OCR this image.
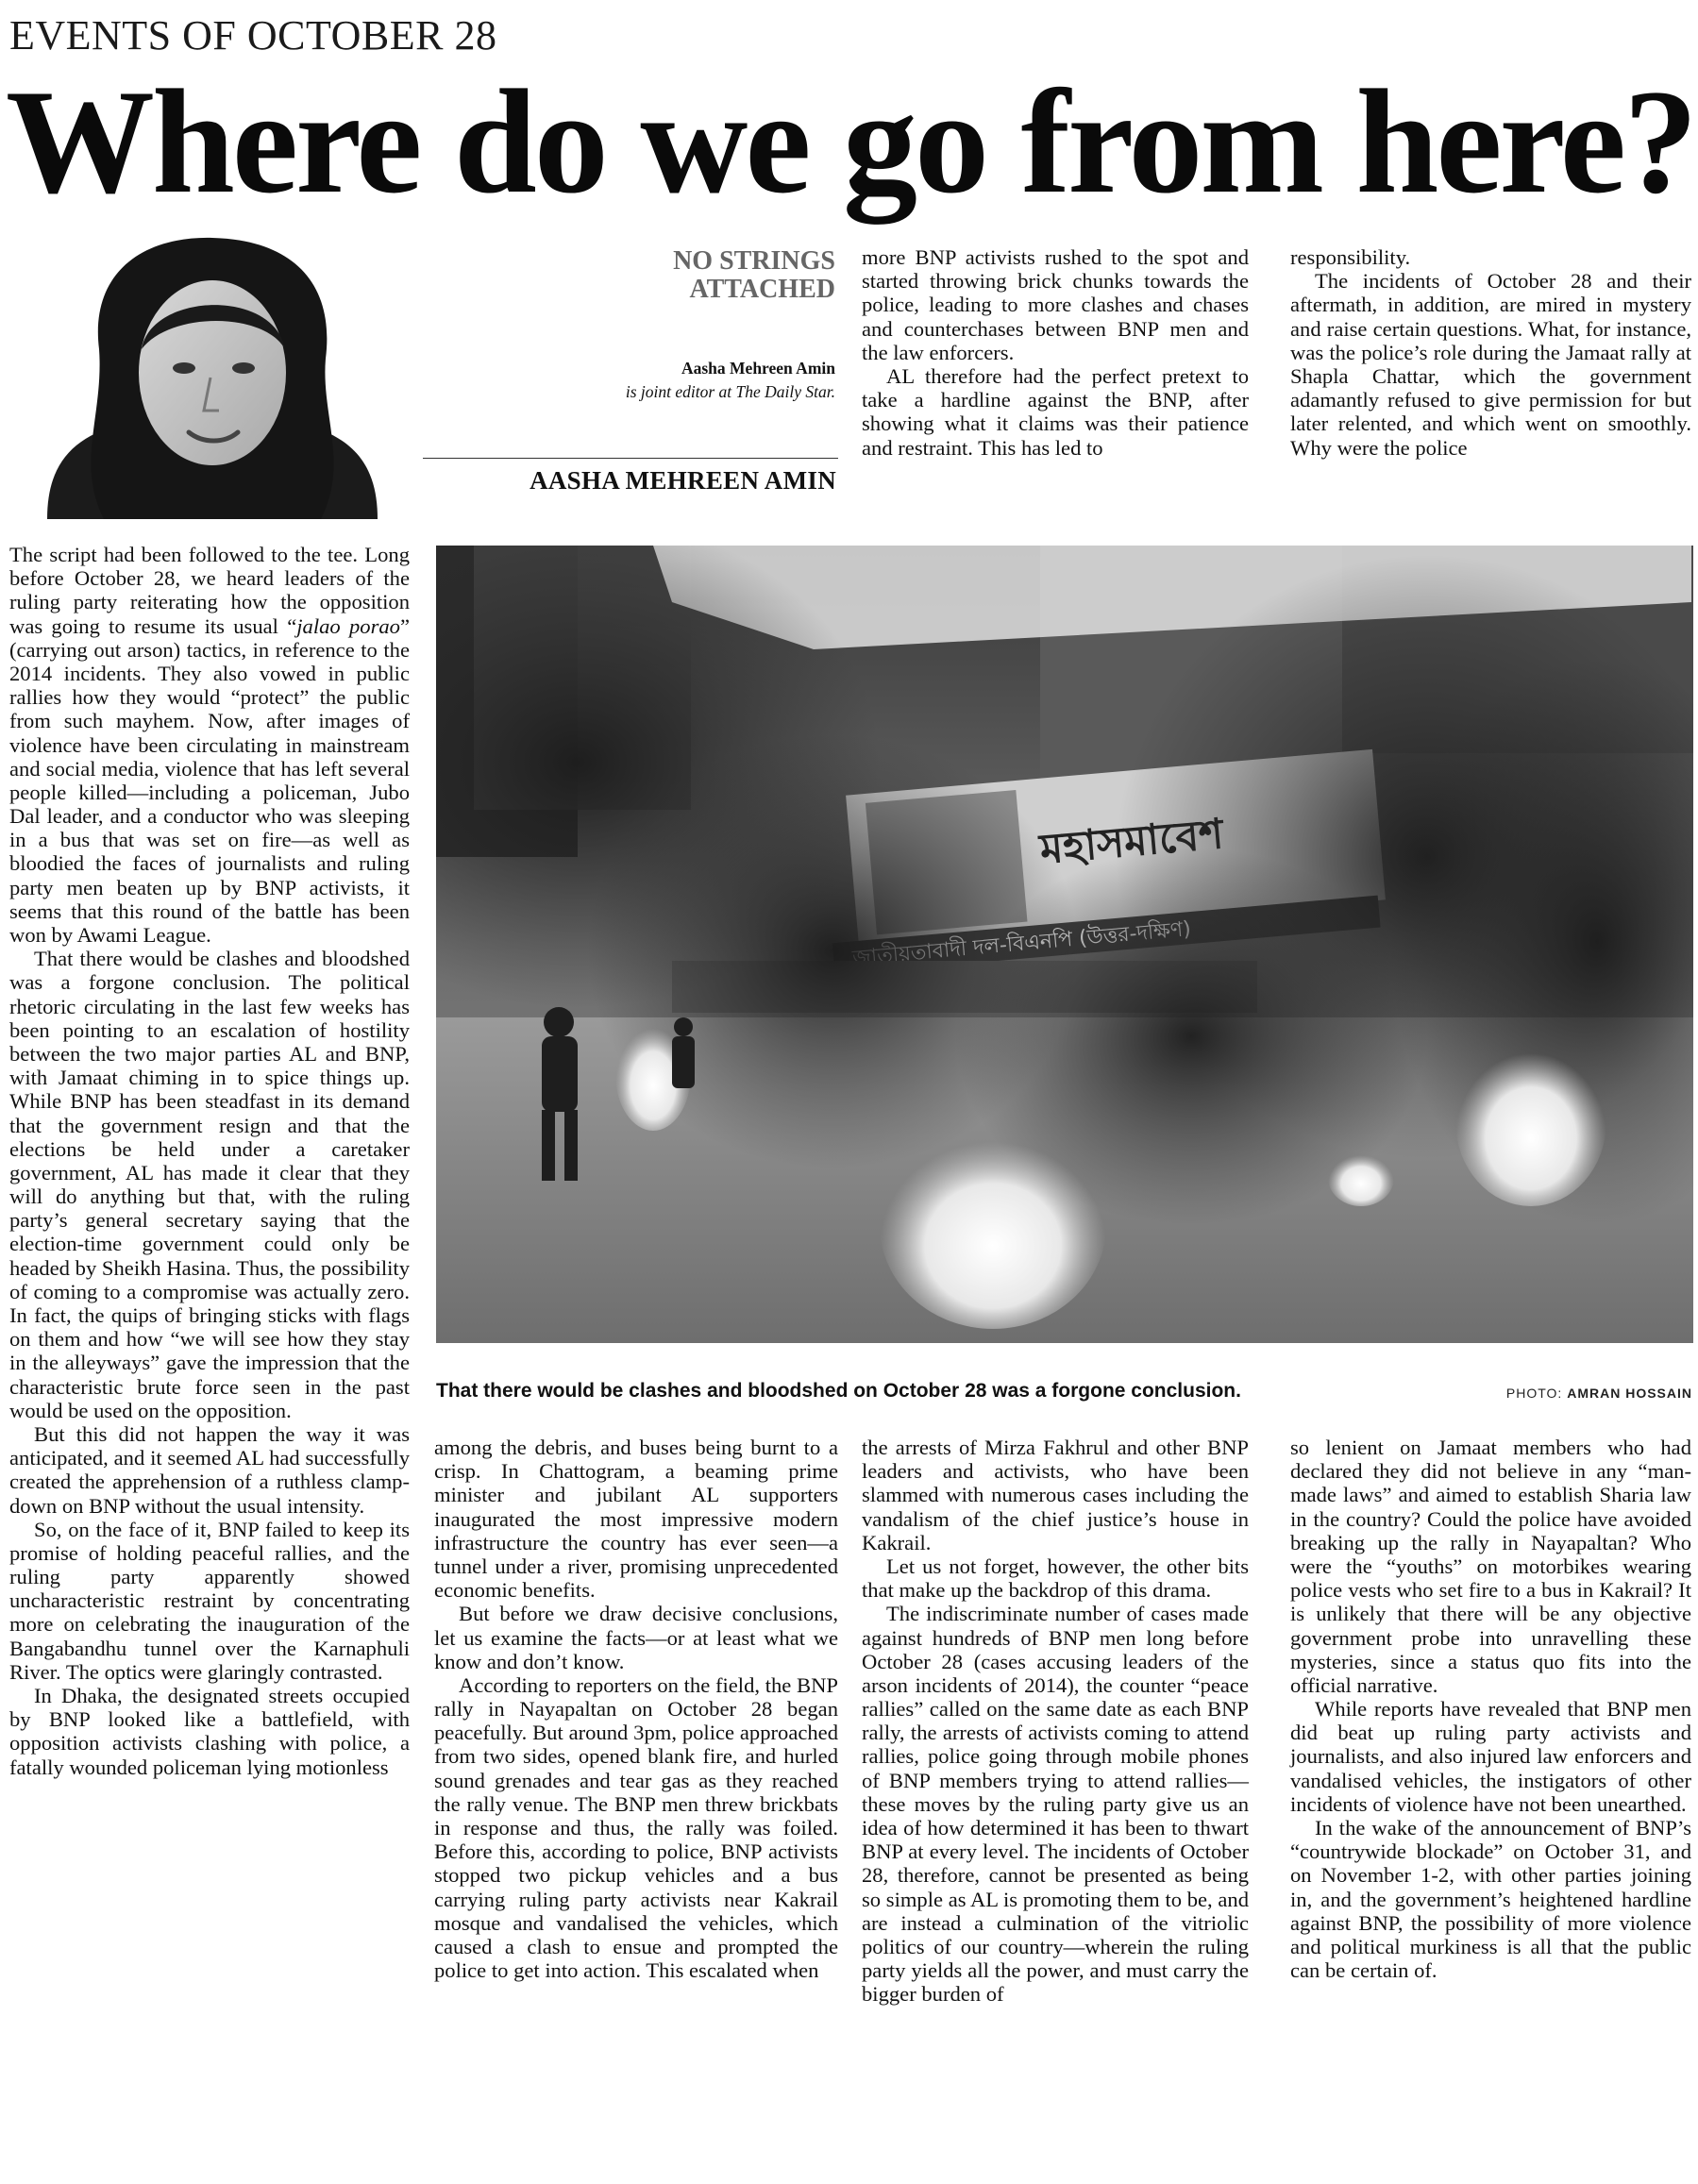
EVENTS OF OCTOBER 28
Where do we go from here?
NO STRINGS
ATTACHED
Aasha Mehreen Amin
is joint editor at The Daily Star.
AASHA MEHREEN AMIN

more BNP activists rushed to the spot and started throwing brick chunks towards the police, leading to more clashes and chases and counterchases between BNP men and the law enforcers.

AL therefore had the perfect pretext to take a hardline against the BNP, after showing what it claims was their patience and restraint. This has led to

responsibility.

The incidents of October 28 and their aftermath, in addition, are mired in mystery and raise certain questions. What, for instance, was the police’s role during the Jamaat rally at Shapla Chattar, which the government adamantly refused to give permission for but later relented, and which went on smoothly. Why were the police

The script had been followed to the tee. Long before October 28, we heard leaders of the ruling party reiterating how the opposition was going to resume its usual “jalao porao” (carrying out arson) tactics, in reference to the 2014 incidents. They also vowed in public rallies how they would “protect” the public from such mayhem. Now, after images of violence have been circulating in mainstream and social media, violence that has left several people killed—including a policeman, Jubo Dal leader, and a conductor who was sleeping in a bus that was set on fire—as well as bloodied the faces of journalists and ruling party men beaten up by BNP activists, it seems that this round of the battle has been won by Awami League.

That there would be clashes and bloodshed was a forgone conclusion. The political rhetoric circulating in the last few weeks has been pointing to an escalation of hostility between the two major parties AL and BNP, with Jamaat chiming in to spice things up. While BNP has been steadfast in its demand that the government resign and that the elections be held under a caretaker government, AL has made it clear that they will do anything but that, with the ruling party’s general secretary saying that the election-time government could only be headed by Sheikh Hasina. Thus, the possibility of coming to a compromise was actually zero. In fact, the quips of bringing sticks with flags on them and how “we will see how they stay in the alleyways” gave the impression that the characteristic brute force seen in the past would be used on the opposition.

But this did not happen the way it was anticipated, and it seemed AL had successfully created the apprehension of a ruthless clamp-down on BNP without the usual intensity.

So, on the face of it, BNP failed to keep its promise of holding peaceful rallies, and the ruling party apparently showed uncharacteristic restraint by concentrating more on celebrating the inauguration of the Bangabandhu tunnel over the Karnaphuli River. The optics were glaringly contrasted.

In Dhaka, the designated streets occupied by BNP looked like a battlefield, with opposition activists clashing with police, a fatally wounded policeman lying motionless

That there would be clashes and bloodshed on October 28 was a forgone conclusion.	PHOTO: AMRAN HOSSAIN

among the debris, and buses being burnt to a crisp. In Chattogram, a beaming prime minister and jubilant AL supporters inaugurated the most impressive modern infrastructure the country has ever seen—a tunnel under a river, promising unprecedented economic benefits.

But before we draw decisive conclusions, let us examine the facts—or at least what we know and don’t know.

According to reporters on the field, the BNP rally in Nayapaltan on October 28 began peacefully. But around 3pm, police approached from two sides, opened blank fire, and hurled sound grenades and tear gas as they reached the rally venue. The BNP men threw brickbats in response and thus, the rally was foiled. Before this, according to police, BNP activists stopped two pickup vehicles and a bus carrying ruling party activists near Kakrail mosque and vandalised the vehicles, which caused a clash to ensue and prompted the police to get into action. This escalated when

the arrests of Mirza Fakhrul and other BNP leaders and activists, who have been slammed with numerous cases including the vandalism of the chief justice’s house in Kakrail.

Let us not forget, however, the other bits that make up the backdrop of this drama.

The indiscriminate number of cases made against hundreds of BNP men long before October 28 (cases accusing leaders of the arson incidents of 2014), the counter “peace rallies” called on the same date as each BNP rally, the arrests of activists coming to attend rallies, police going through mobile phones of BNP members trying to attend rallies—these moves by the ruling party give us an idea of how determined it has been to thwart BNP at every level. The incidents of October 28, therefore, cannot be presented as being so simple as AL is promoting them to be, and are instead a culmination of the vitriolic politics of our country—wherein the ruling party yields all the power, and must carry the bigger burden of

so lenient on Jamaat members who had declared they did not believe in any “man-made laws” and aimed to establish Sharia law in the country? Could the police have avoided breaking up the rally in Nayapaltan? Who were the “youths” on motorbikes wearing police vests who set fire to a bus in Kakrail? It is unlikely that there will be any objective government probe into unravelling these mysteries, since a status quo fits into the official narrative.

While reports have revealed that BNP men did beat up ruling party activists and journalists, and also injured law enforcers and vandalised vehicles, the instigators of other incidents of violence have not been unearthed.

In the wake of the announcement of BNP’s “countrywide blockade” on October 31, and on November 1-2, with other parties joining in, and the government’s heightened hardline against BNP, the possibility of more violence and political murkiness is all that the public can be certain of.
